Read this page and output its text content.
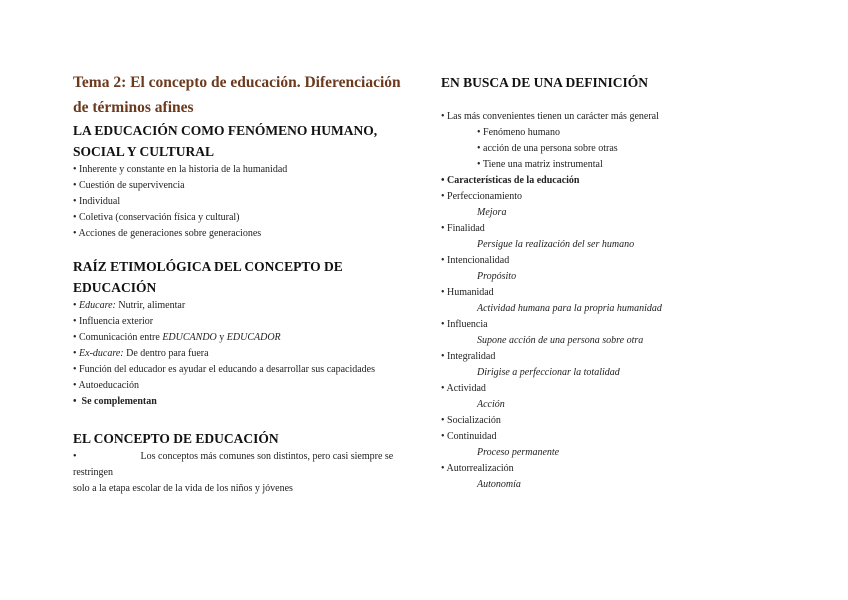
Tema 2: El concepto de educación. Diferenciación de términos afines
LA EDUCACIÓN COMO FENÓMENO HUMANO, SOCIAL Y CULTURAL
• Inherente y constante en la historia de la humanidad
• Cuestión de supervivencia
• Individual
• Coletiva (conservación física y cultural)
• Acciones de generaciones sobre generaciones
RAÍZ ETIMOLÓGICA DEL CONCEPTO DE EDUCACIÓN
• Educare: Nutrir, alimentar
• Influencia exterior
• Comunicación entre EDUCANDO y EDUCADOR
• Ex-ducare: De dentro para fuera
• Función del educador es ayudar el educando a desarrollar sus capacidades
• Autoeducación
• Se complementan
EL CONCEPTO DE EDUCACIÓN

•	Los conceptos más comunes son distintos, pero casi siempre se restringen
solo a la etapa escolar de la vida de los niños y jóvenes

EN BUSCA DE UNA DEFINICIÓN
• Las más convenientes tienen un carácter más general
• Fenómeno humano
• acción de una persona sobre otras
• Tiene una matriz instrumental
• Características de la educación
• Perfeccionamiento
Mejora
• Finalidad
Persigue la realización del ser humano
• Intencionalidad
Propósito
• Humanidad
Actividad humana para la propria humanidad
• Influencia
Supone acción de una persona sobre otra
• Integralidad
Dirigise a perfeccionar la totalidad
• Actividad
Acción
• Socialización
• Continuidad
Proceso permanente
• Autorrealización
Autonomía
